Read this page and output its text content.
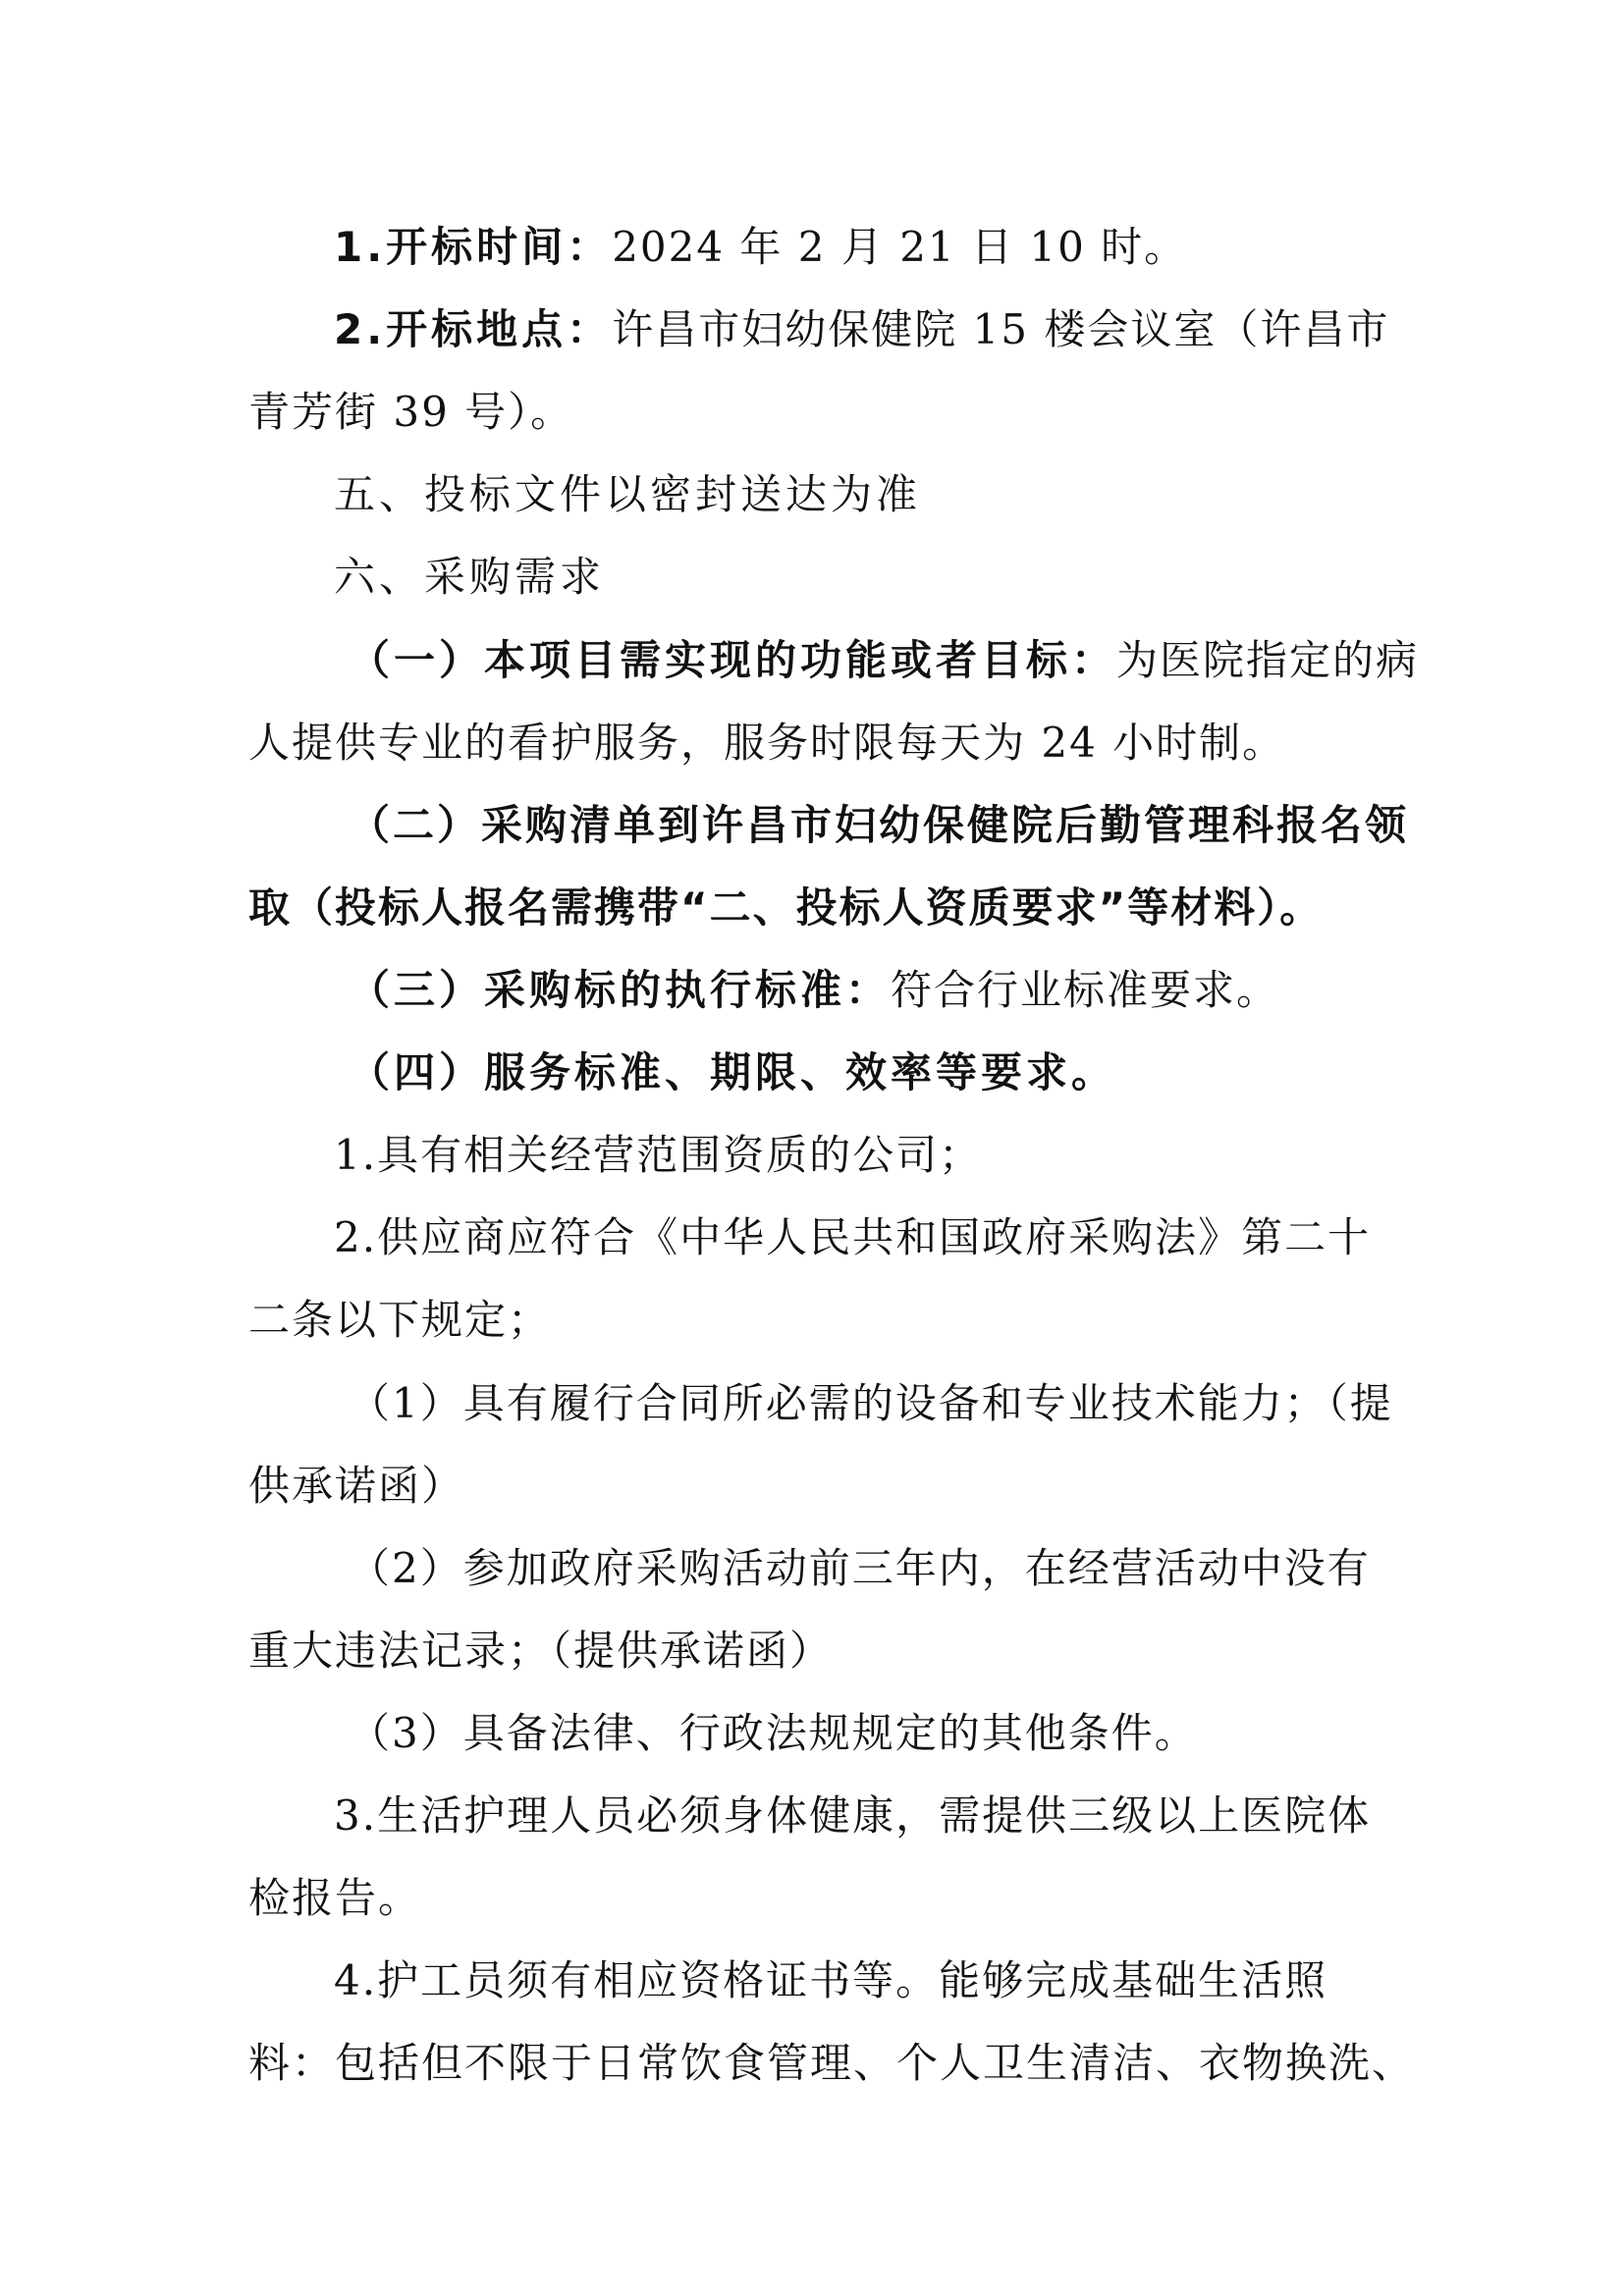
1.开标时间：2024 年 2 月 21 日 10 时。
2.开标地点：许昌市妇幼保健院 15 楼会议室（许昌市
青芳街 39 号）。
五、投标文件以密封送达为准
六、采购需求
（一）本项目需实现的功能或者目标：为医院指定的病
人提供专业的看护服务，服务时限每天为 24 小时制。
（二）采购清单到许昌市妇幼保健院后勤管理科报名领
取（投标人报名需携带“二、投标人资质要求”等材料）。
（三）采购标的执行标准：符合行业标准要求。
（四）服务标准、期限、效率等要求。
1.具有相关经营范围资质的公司；
2.供应商应符合《中华人民共和国政府采购法》第二十
二条以下规定；
（1）具有履行合同所必需的设备和专业技术能力；（提
供承诺函）
（2）参加政府采购活动前三年内，在经营活动中没有
重大违法记录；（提供承诺函）
（3）具备法律、行政法规规定的其他条件。
3.生活护理人员必须身体健康，需提供三级以上医院体
检报告。
4.护工员须有相应资格证书等。能够完成基础生活照
料：包括但不限于日常饮食管理、个人卫生清洁、衣物换洗、
